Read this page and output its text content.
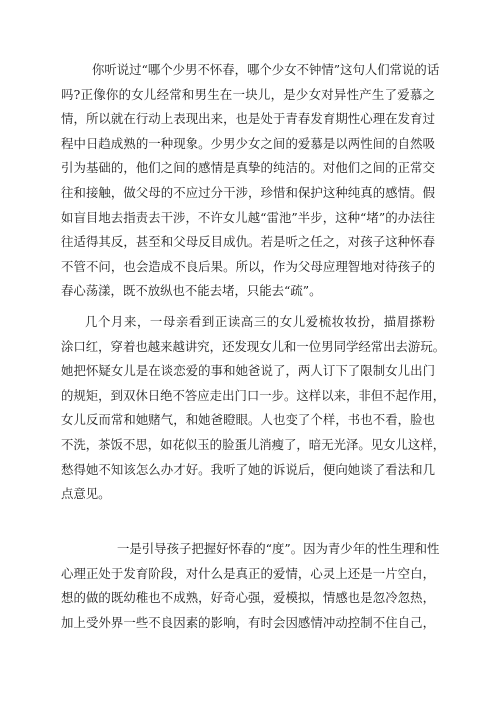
你听说过“哪个少男不怀春，哪个少女不钟情”这句人们常说的话
吗?正像你的女儿经常和男生在一块儿，是少女对异性产生了爱慕之
情，所以就在行动上表现出来，也是处于青春发育期性心理在发育过
程中日趋成熟的一种现象。少男少女之间的爱慕是以两性间的自然吸
引为基础的，他们之间的感情是真挚的纯洁的。对他们之间的正常交
往和接触，做父母的不应过分干涉，珍惜和保护这种纯真的感情。假
如盲目地去指责去干涉，不许女儿越“雷池”半步，这种“堵”的办法往
往适得其反，甚至和父母反目成仇。若是听之任之，对孩子这种怀春
不管不问，也会造成不良后果。所以，作为父母应理智地对待孩子的
春心荡漾，既不放纵也不能去堵，只能去“疏”。
几个月来，一母亲看到正读高三的女儿爱梳妆妆扮，描眉搽粉
涂口红，穿着也越来越讲究，还发现女儿和一位男同学经常出去游玩。
她把怀疑女儿是在谈恋爱的事和她爸说了，两人订下了限制女儿出门
的规矩，到双休日绝不答应走出门口一步。这样以来，非但不起作用，
女儿反而常和她赌气，和她爸瞪眼。人也变了个样，书也不看，脸也
不洗，茶饭不思，如花似玉的脸蛋儿消瘦了，暗无光泽。见女儿这样，
愁得她不知该怎么办才好。我听了她的诉说后，便向她谈了看法和几
点意见。
一是引导孩子把握好怀春的“度”。因为青少年的性生理和性
心理正处于发育阶段，对什么是真正的爱情，心灵上还是一片空白，
想的做的既幼稚也不成熟，好奇心强，爱模拟，情感也是忽冷忽热，
加上受外界一些不良因素的影响，有时会因感情冲动控制不住自己，
